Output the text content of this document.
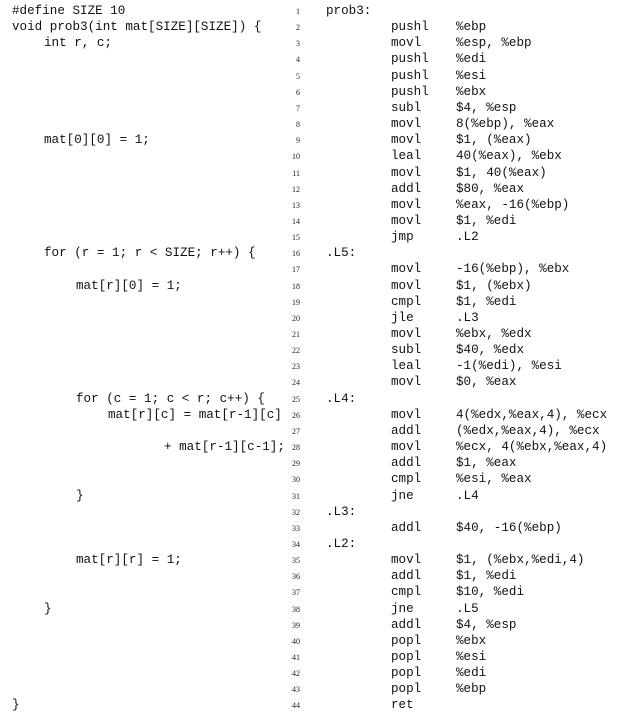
#define SIZE 10	1 prob3:
void prob3(int mat[SIZE][SIZE]) {	2	pushl %ebp
int r, c;	3	movl	%esp, %ebp
4	pushl %edi
5	pushl %esi
6	pushl %ebx
7	subl	$4, %esp
8	movl	8(%ebp), %eax
mat[0][0] = 1;	9	movl	$1, (%eax)
10	leal	40(%eax), %ebx
11	movl	$1, 40(%eax)
12	addl	$80, %eax
13	movl	%eax, -16(%ebp)
14	movl	$1, %edi
15	jmp	.L2
for (r = 1; r < SIZE; r++) {	16 .L5:
17	movl	-16(%ebp), %ebx
mat[r][0] = 1;	18	movl	$1, (%ebx)
19	cmpl	$1, %edi
20	jle	.L3
21	movl	%ebx, %edx
22	subl	$40, %edx
23	leal	-1(%edi), %esi
24	movl	$0, %eax
for (c = 1; c < r; c++) {	25 .L4:
mat[r][c] = mat[r-1][c]	26	movl	4(%edx,%eax,4), %ecx
27	addl	(%edx,%eax,4), %ecx
+ mat[r-1][c-1]; 28	movl	%ecx, 4(%ebx,%eax,4)
29	addl	$1, %eax
30	cmpl	%esi, %eax
}	31	jne	.L4
32 .L3:
33	addl	$40, -16(%ebp)
34 .L2:
mat[r][r] = 1;	35	movl	$1, (%ebx,%edi,4)
36	addl	$1, %edi
37	cmpl	$10, %edi
}	38	jne	.L5
39	addl	$4, %esp
40	popl	%ebx
41	popl	%esi
42	popl	%edi
43	popl	%ebp
}	44	ret
